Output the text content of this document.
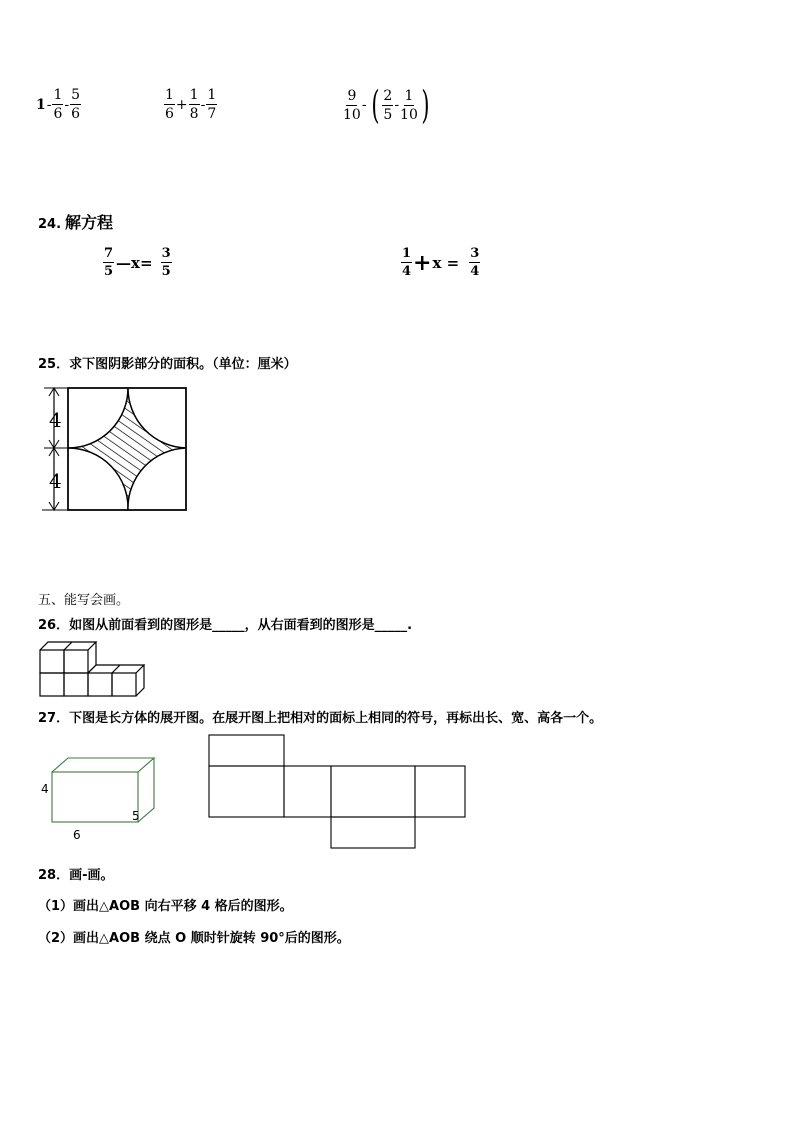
$1 - \frac{1}{6} - \frac{5}{6}$	$\frac{1}{6} + \frac{1}{8} - \frac{1}{7}$	$\frac{9}{10}$ - ( $\frac{2}{5} - \frac{1}{10}$ )
24. 解方程
$\frac{7}{5}$ —x= $\frac{3}{5}$	$\frac{1}{4} + x = \frac{3}{4}$
25．求下图阴影部分的面积。（单位：厘米）
4
4
五、能写会画。
26．如图从前面看到的图形是_____，从右面看到的图形是_____.
27．下图是长方体的展开图。在展开图上把相对的面标上相同的符号，再标出长、宽、高各一个。
4
6
5
28．画-画。
（1）画出△AOB 向右平移 4 格后的图形。
（2）画出△AOB 绕点 O 顺时针旋转 90°后的图形。
